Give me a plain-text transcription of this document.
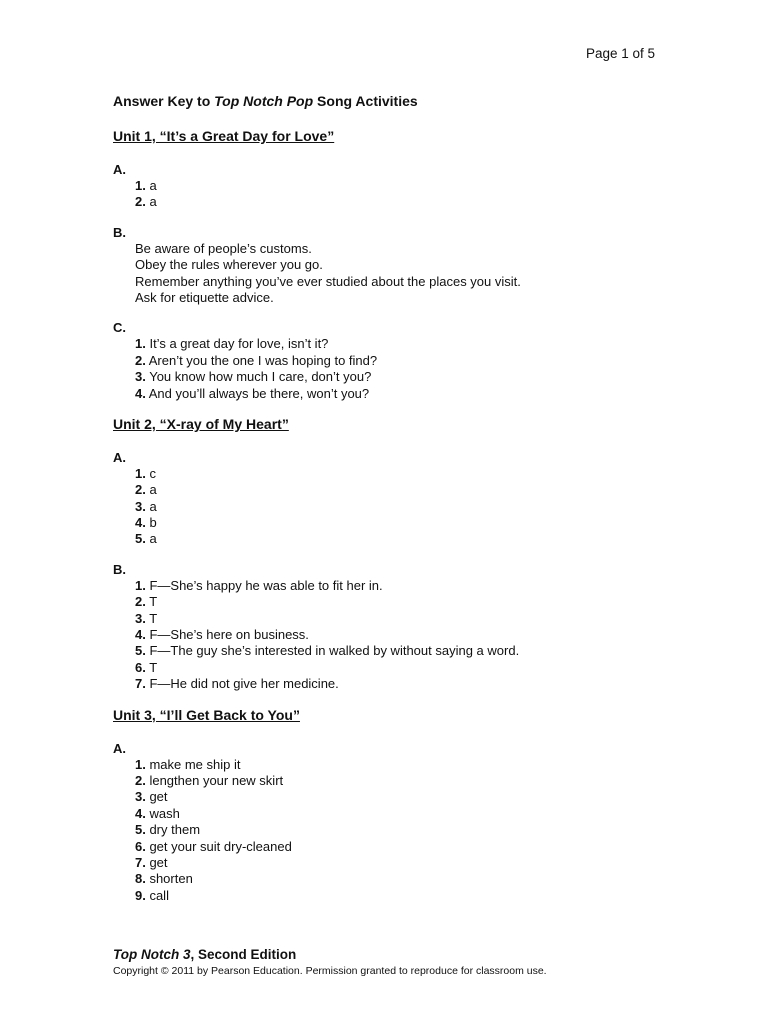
Page 1 of 5
Answer Key to Top Notch Pop Song Activities
Unit 1, “It’s a Great Day for Love”
A.
1. a
2. a
B.
Be aware of people’s customs.
Obey the rules wherever you go.
Remember anything you’ve ever studied about the places you visit.
Ask for etiquette advice.
C.
1. It’s a great day for love, isn’t it?
2. Aren’t you the one I was hoping to find?
3. You know how much I care, don’t you?
4. And you’ll always be there, won’t you?
Unit 2, “X-ray of My Heart”
A.
1. c
2. a
3. a
4. b
5. a
B.
1. F—She’s happy he was able to fit her in.
2. T
3. T
4. F—She’s here on business.
5. F—The guy she’s interested in walked by without saying a word.
6. T
7. F—He did not give her medicine.
Unit 3, “I’ll Get Back to You”
A.
1. make me ship it
2. lengthen your new skirt
3. get
4. wash
5. dry them
6. get your suit dry-cleaned
7. get
8. shorten
9. call
Top Notch 3, Second Edition
Copyright © 2011 by Pearson Education. Permission granted to reproduce for classroom use.
